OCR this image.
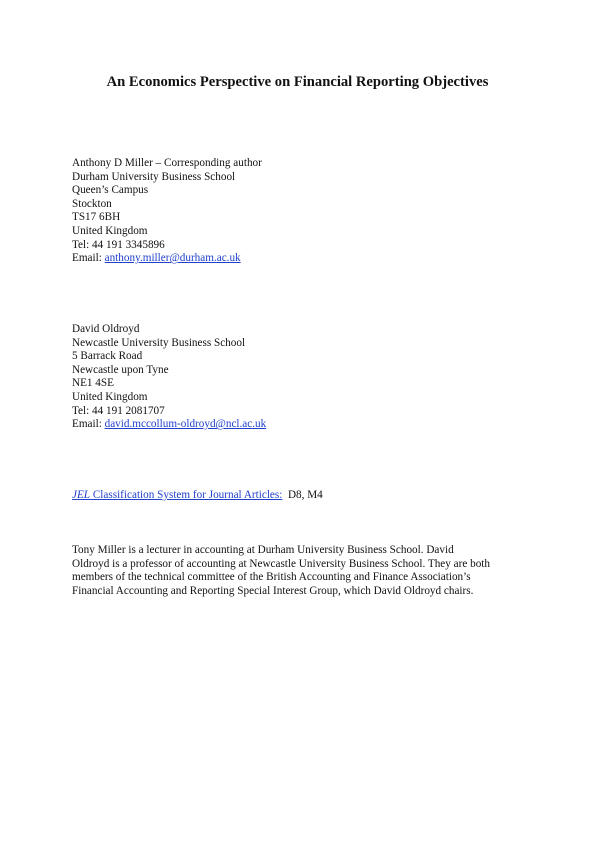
An Economics Perspective on Financial Reporting Objectives
Anthony D Miller – Corresponding author
Durham University Business School
Queen’s Campus
Stockton
TS17 6BH
United Kingdom
Tel: 44 191 3345896
Email: anthony.miller@durham.ac.uk
David Oldroyd
Newcastle University Business School
5 Barrack Road
Newcastle upon Tyne
NE1 4SE
United Kingdom
Tel: 44 191 2081707
Email: david.mccollum-oldroyd@ncl.ac.uk
JEL Classification System for Journal Articles: D8, M4
Tony Miller is a lecturer in accounting at Durham University Business School. David
Oldroyd is a professor of accounting at Newcastle University Business School. They are both
members of the technical committee of the British Accounting and Finance Association’s
Financial Accounting and Reporting Special Interest Group, which David Oldroyd chairs.
